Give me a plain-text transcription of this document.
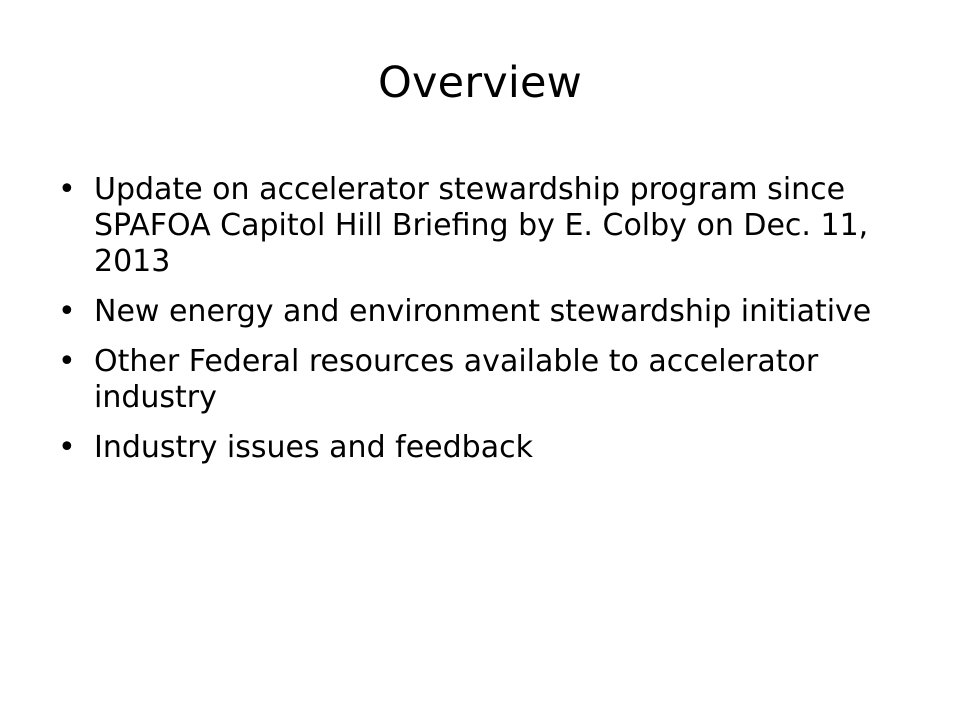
Overview
• Update on accelerator stewardship program since SPAFOA Capitol Hill Briefing by E. Colby on Dec. 11, 2013
• New energy and environment stewardship initiative
• Other Federal resources available to accelerator industry
• Industry issues and feedback
